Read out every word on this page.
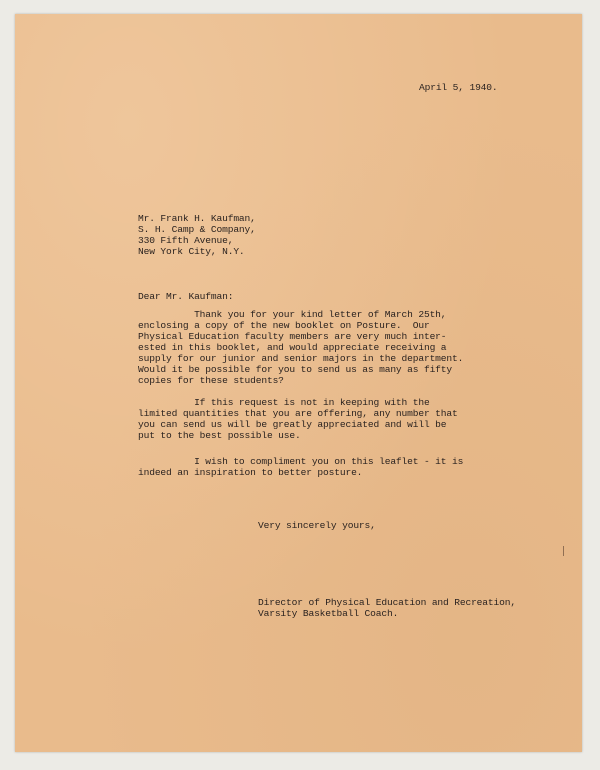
April 5, 1940.

Mr. Frank H. Kaufman,
S. H. Camp & Company,
330 Fifth Avenue,
New York City, N.Y.

Dear Mr. Kaufman:

Thank you for your kind letter of March 25th,
enclosing a copy of the new booklet on Posture.  Our
Physical Education faculty members are very much inter-
ested in this booklet, and would appreciate receiving a
supply for our junior and senior majors in the department.
Would it be possible for you to send us as many as fifty
copies for these students?
If this request is not in keeping with the
limited quantities that you are offering, any number that
you can send us will be greatly appreciated and will be
put to the best possible use.
I wish to compliment you on this leaflet - it is
indeed an inspiration to better posture.

Very sincerely yours,

Director of Physical Education and Recreation,
Varsity Basketball Coach.
